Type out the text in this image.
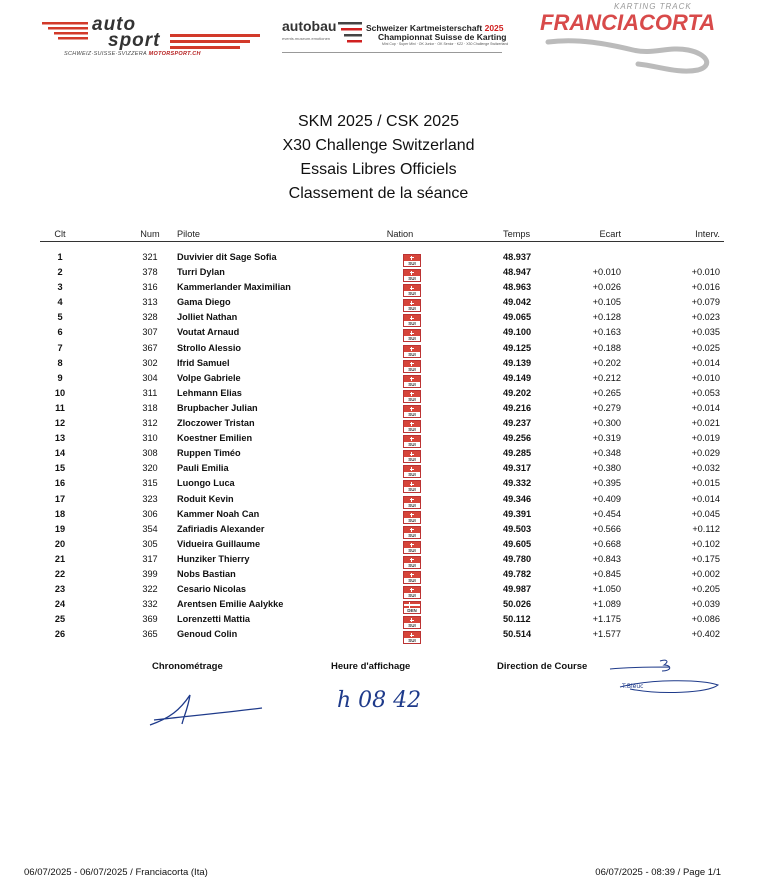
auto
sport
SCHWEIZ·SUISSE·SVIZZERA MOTORSPORT.CH
autobau
events.museum.emotionen
Schweizer Kartmeisterschaft 2025
Championnat Suisse de Karting
Mini Cup · Super Mini · OK Junior · OK Senior · KZ2 · X30 Challenge Switzerland
KARTING TRACK
FRANCIACORTA
SKM 2025 / CSK 2025
X30 Challenge Switzerland
Essais Libres Officiels
Classement de la séance
Clt	Num	Pilote	Nation	Temps	Ecart	Interv.
1	321	Duvivier dit Sage Sofia	48.937
SUI
2	378	Turri Dylan	48.947	+0.010	+0.010
SUI
3	316	Kammerlander Maximilian	48.963	+0.026	+0.016
SUI
4	313	Gama Diego	49.042	+0.105	+0.079
SUI
5	328	Jolliet Nathan	49.065	+0.128	+0.023
SUI
6	307	Voutat Arnaud	49.100	+0.163	+0.035
SUI
7	367	Strollo Alessio	49.125	+0.188	+0.025
SUI
8	302	Ifrid Samuel	49.139	+0.202	+0.014
SUI
9	304	Volpe Gabriele	49.149	+0.212	+0.010
SUI
10	311	Lehmann Elias	49.202	+0.265	+0.053
SUI
11	318	Brupbacher Julian	49.216	+0.279	+0.014
SUI
12	312	Zloczower Tristan	49.237	+0.300	+0.021
SUI
13	310	Koestner Emilien	49.256	+0.319	+0.019
SUI
14	308	Ruppen Timéo	49.285	+0.348	+0.029
SUI
15	320	Pauli Emilia	49.317	+0.380	+0.032
SUI
16	315	Luongo Luca	49.332	+0.395	+0.015
SUI
17	323	Roduit Kevin	49.346	+0.409	+0.014
SUI
18	306	Kammer Noah Can	49.391	+0.454	+0.045
SUI
19	354	Zafiriadis Alexander	49.503	+0.566	+0.112
SUI
20	305	Vidueira Guillaume	49.605	+0.668	+0.102
SUI
21	317	Hunziker Thierry	49.780	+0.843	+0.175
SUI
22	399	Nobs Bastian	49.782	+0.845	+0.002
SUI
23	322	Cesario Nicolas	49.987	+1.050	+0.205
SUI
24	332	Arentsen Emilie Aalykke	50.026	+1.089	+0.039
DEN
25	369	Lorenzetti Mattia	50.112	+1.175	+0.086
SUI
26	365	Genoud Colin	50.514	+1.577	+0.402
SUI
Chronométrage	Heure d'affichage	Direction de Course
h 08 42
T.Bieuc
06/07/2025 - 06/07/2025 / Franciacorta (Ita)	06/07/2025 - 08:39 / Page 1/1
